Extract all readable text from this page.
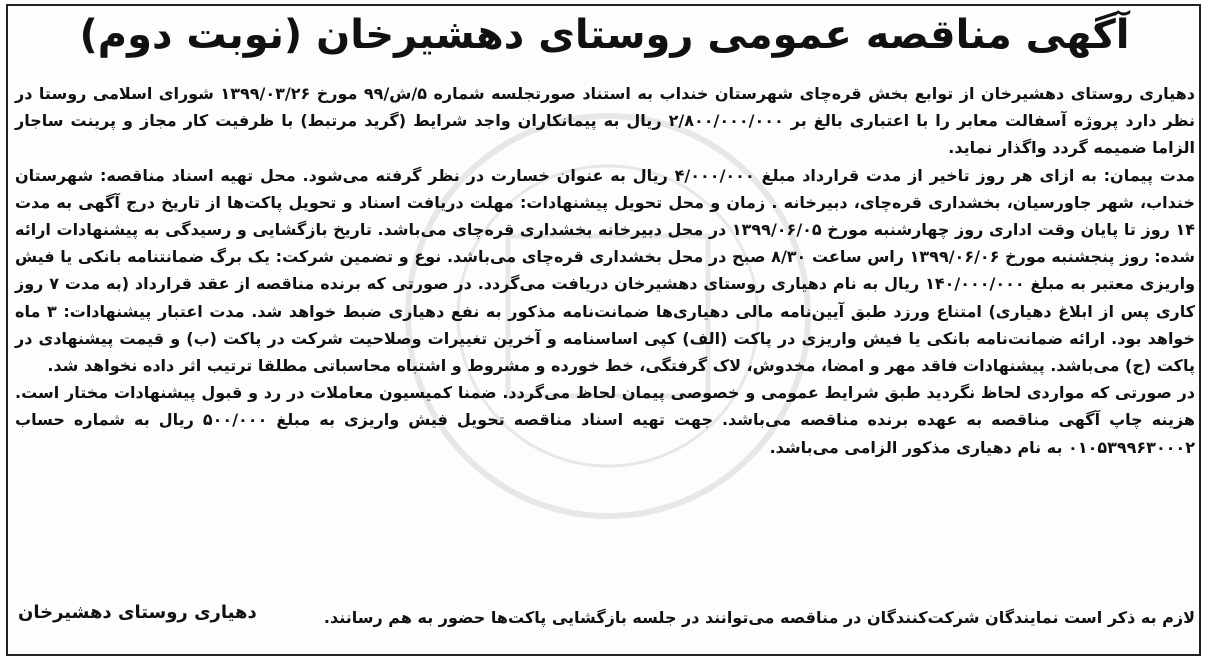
آگهی مناقصه عمومی روستای دهشیرخان (نوبت دوم)

دهیاری روستای دهشیرخان از توابع بخش قره‌چای شهرستان خنداب به استناد صورتجلسه شماره ۵/ش/۹۹ مورخ ۱۳۹۹/۰۳/۲۶ شورای اسلامی روستا در نظر دارد پروژه آسفالت معابر را با اعتباری بالغ بر ۲/۸۰۰/۰۰۰/۰۰۰ ریال به پیمانکاران واجد شرایط (گرید مرتبط) با ظرفیت کار مجاز و پرینت ساجار الزاما ضمیمه گردد واگذار نماید.

مدت پیمان: به ازای هر روز تاخیر از مدت قرارداد مبلغ ۴/۰۰۰/۰۰۰ ریال به عنوان خسارت در نظر گرفته می‌شود. محل تهیه اسناد مناقصه: شهرستان خنداب، شهر جاورسیان، بخشداری قره‌چای، دبیرخانه . زمان و محل تحویل پیشنهادات: مهلت دریافت اسناد و تحویل پاکت‌ها از تاریخ درج آگهی به مدت ۱۴ روز تا پایان وقت اداری روز چهارشنبه مورخ ۱۳۹۹/۰۶/۰۵ در محل دبیرخانه بخشداری قره‌چای می‌باشد. تاریخ بازگشایی و رسیدگی به پیشنهادات ارائه شده: روز پنجشنبه مورخ ۱۳۹۹/۰۶/۰۶ راس ساعت ۸/۳۰ صبح در محل بخشداری قره‌چای می‌باشد. نوع و تضمین شرکت: یک برگ ضمانتنامه بانکی یا فیش واریزی معتبر به مبلغ ۱۴۰/۰۰۰/۰۰۰ ریال به نام دهیاری روستای دهشیرخان دریافت می‌گردد. در صورتی که برنده مناقصه از عقد قرارداد (به مدت ۷ روز کاری پس از ابلاغ دهیاری) امتناع ورزد طبق آیین‌نامه مالی دهیاری‌ها ضمانت‌نامه مذکور به نفع دهیاری ضبط خواهد شد. مدت اعتبار پیشنهادات: ۳ ماه خواهد بود. ارائه ضمانت‌نامه بانکی یا فیش واریزی در پاکت (الف) کپی اساسنامه و آخرین تغییرات وصلاحیت شرکت در پاکت (ب) و قیمت پیشنهادی در پاکت (ج) می‌باشد. پیشنهادات فاقد مهر و امضا، مخدوش، لاک گرفتگی، خط خورده و مشروط و اشتباه محاسباتی مطلقا ترتیب اثر داده نخواهد شد.

در صورتی که مواردی لحاظ نگردید طبق شرایط عمومی و خصوصی پیمان لحاظ می‌گردد. ضمنا کمیسیون معاملات در رد و قبول پیشنهادات مختار است. هزینه چاپ آگهی مناقصه به عهده برنده مناقصه می‌باشد. جهت تهیه اسناد مناقصه تحویل فیش واریزی به مبلغ ۵۰۰/۰۰۰ ریال به شماره حساب ۰۱۰۵۳۹۹۶۳۰۰۰۲ به نام دهیاری مذکور الزامی می‌باشد.

لازم به ذکر است نمایندگان شرکت‌کنندگان در مناقصه می‌توانند در جلسه بازگشایی پاکت‌ها حضور به هم رسانند.
دهیاری روستای دهشیرخان
